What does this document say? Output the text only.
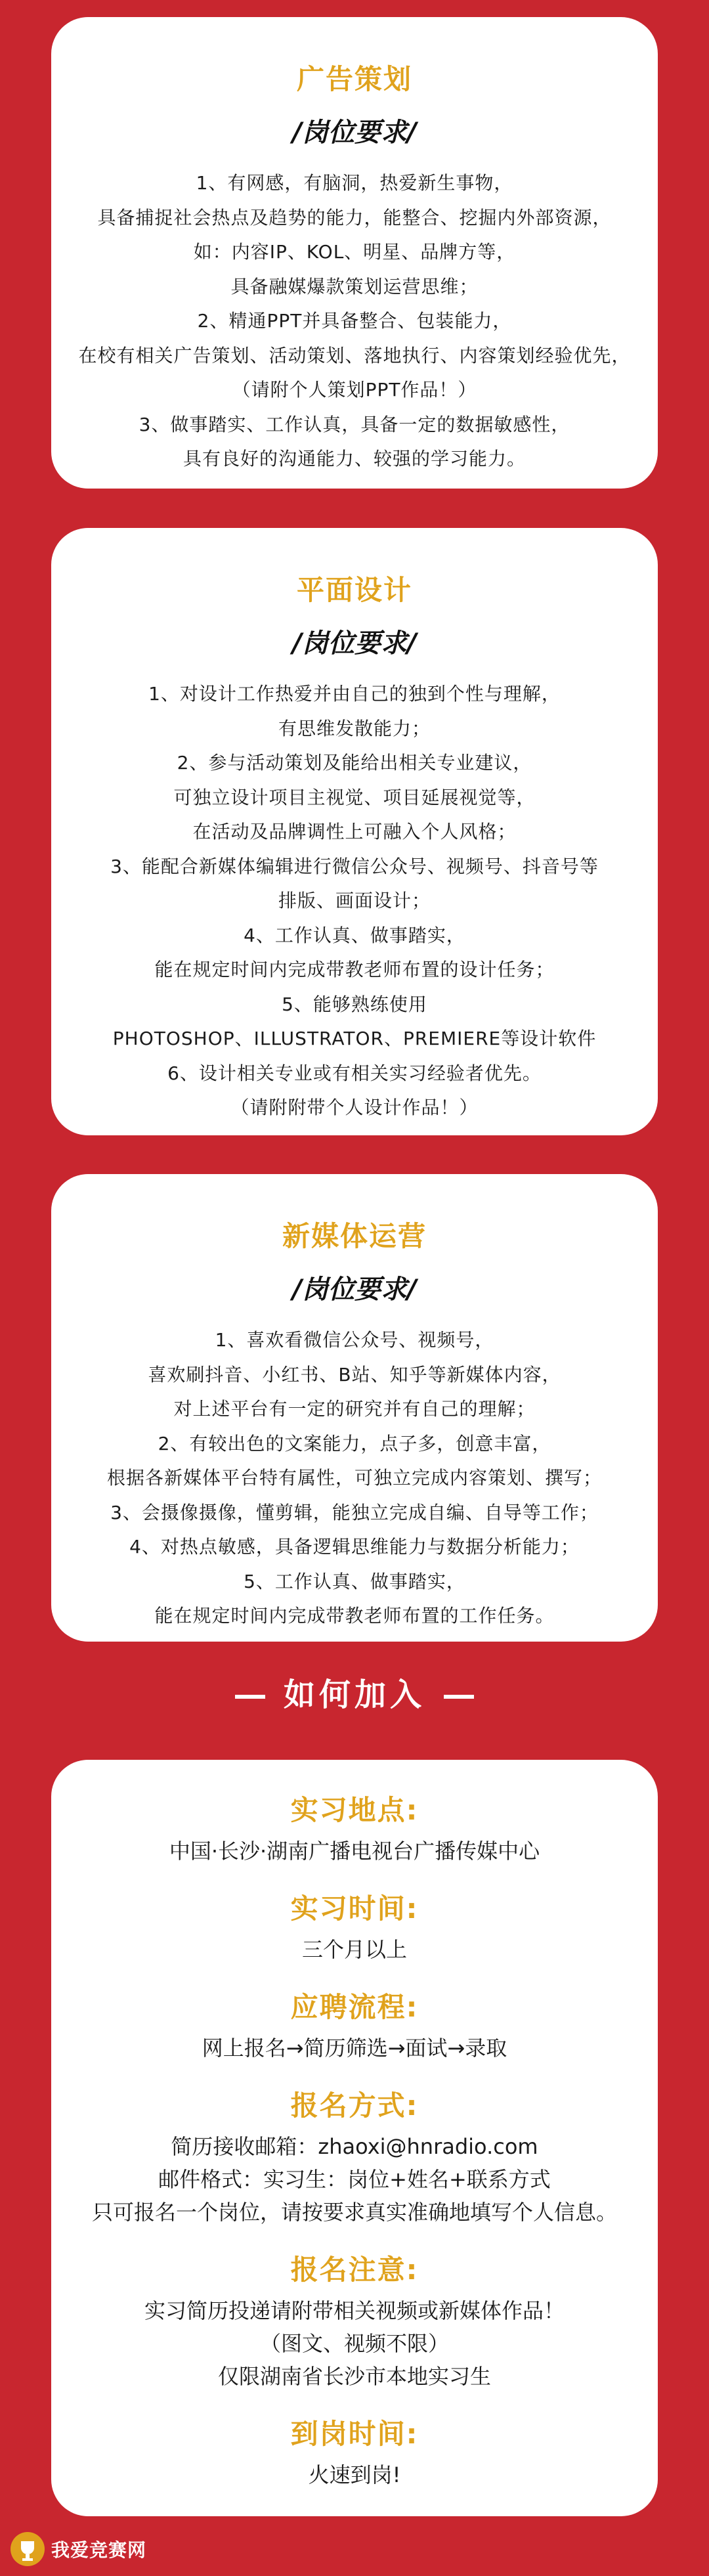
广告策划
/岗位要求/
1、有网感，有脑洞，热爱新生事物，
具备捕捉社会热点及趋势的能力，能整合、挖掘内外部资源，
如：内容IP、KOL、明星、品牌方等，
具备融媒爆款策划运营思维；
2、精通PPT并具备整合、包装能力，
在校有相关广告策划、活动策划、落地执行、内容策划经验优先，
（请附个人策划PPT作品！）
3、做事踏实、工作认真，具备一定的数据敏感性，
具有良好的沟通能力、较强的学习能力。
平面设计
/岗位要求/
1、对设计工作热爱并由自己的独到个性与理解，
有思维发散能力；
2、参与活动策划及能给出相关专业建议，
可独立设计项目主视觉、项目延展视觉等，
在活动及品牌调性上可融入个人风格；
3、能配合新媒体编辑进行微信公众号、视频号、抖音号等
排版、画面设计；
4、工作认真、做事踏实，
能在规定时间内完成带教老师布置的设计任务；
5、能够熟练使用
PHOTOSHOP、ILLUSTRATOR、PREMIERE等设计软件
6、设计相关专业或有相关实习经验者优先。
（请附附带个人设计作品！）
新媒体运营
/岗位要求/
1、喜欢看微信公众号、视频号，
喜欢刷抖音、小红书、B站、知乎等新媒体内容，
对上述平台有一定的研究并有自己的理解；
2、有较出色的文案能力，点子多，创意丰富，
根据各新媒体平台特有属性，可独立完成内容策划、撰写；
3、会摄像摄像，懂剪辑，能独立完成自编、自导等工作；
4、对热点敏感，具备逻辑思维能力与数据分析能力；
5、工作认真、做事踏实，
能在规定时间内完成带教老师布置的工作任务。
如何加入
实习地点:
中国·长沙·湖南广播电视台广播传媒中心
实习时间:
三个月以上
应聘流程:
网上报名→简历筛选→面试→录取
报名方式:
简历接收邮箱：zhaoxi@hnradio.com
邮件格式：实习生：岗位+姓名+联系方式
只可报名一个岗位，请按要求真实准确地填写个人信息。
报名注意:
实习简历投递请附带相关视频或新媒体作品！
（图文、视频不限）
仅限湖南省长沙市本地实习生
到岗时间:
火速到岗!
我爱竞赛网
